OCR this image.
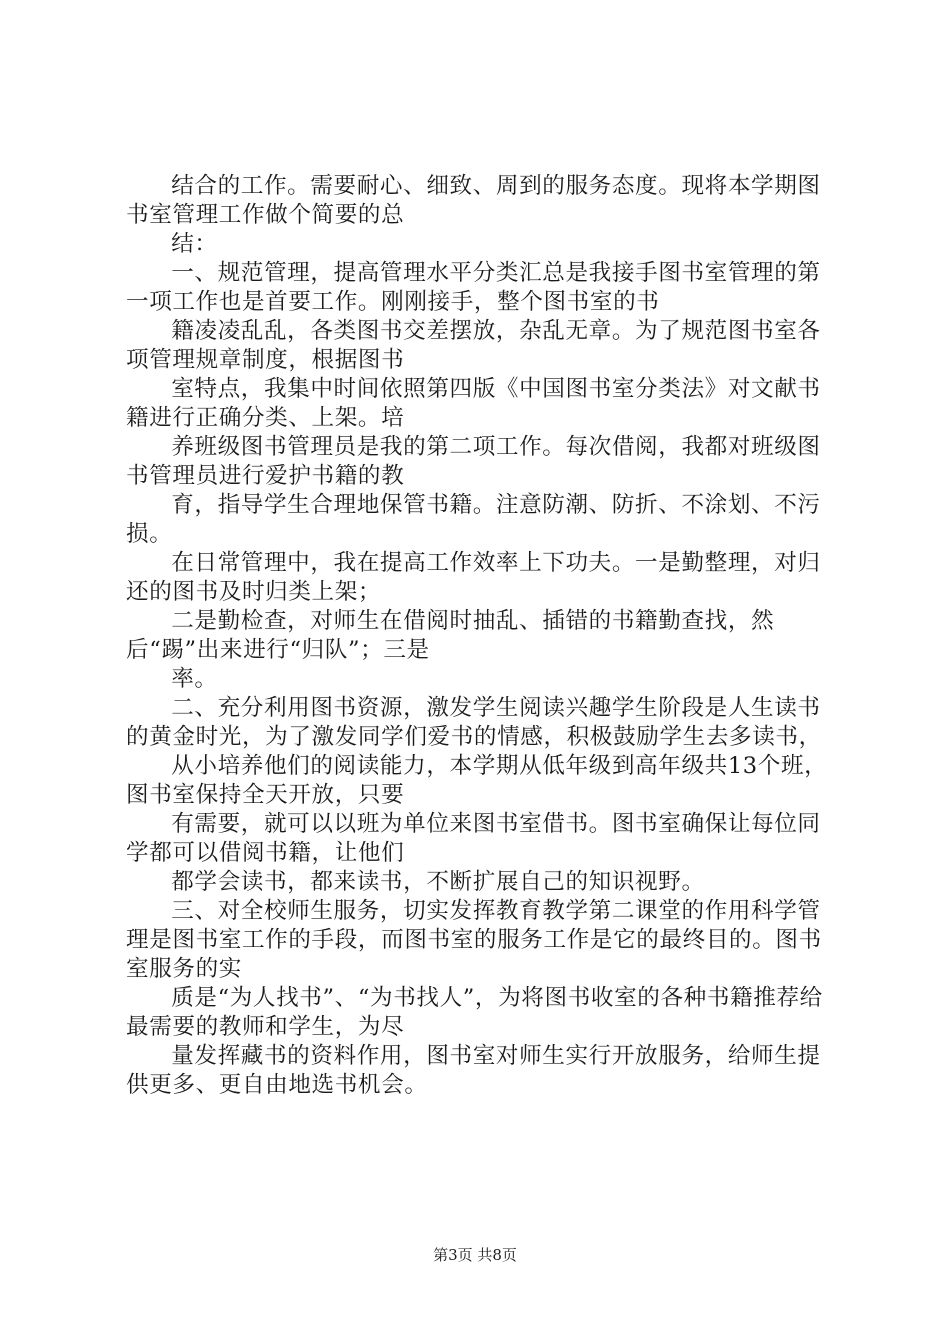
结合的工作。需要耐心、细致、周到的服务态度。现将本学期图书室管理工作做个简要的总

结：

一、规范管理，提高管理水平分类汇总是我接手图书室管理的第一项工作也是首要工作。刚刚接手，整个图书室的书

籍凌凌乱乱，各类图书交差摆放，杂乱无章。为了规范图书室各项管理规章制度，根据图书

室特点，我集中时间依照第四版《中国图书室分类法》对文献书籍进行正确分类、上架。培

养班级图书管理员是我的第二项工作。每次借阅，我都对班级图书管理员进行爱护书籍的教

育，指导学生合理地保管书籍。注意防潮、防折、不涂划、不污损。

在日常管理中，我在提高工作效率上下功夫。一是勤整理，对归还的图书及时归类上架；

二是勤检查，对师生在借阅时抽乱、插错的书籍勤查找，然后“踢”出来进行“归队”；三是

率。

二、充分利用图书资源，激发学生阅读兴趣学生阶段是人生读书的黄金时光，为了激发同学们爱书的情感，积极鼓励学生去多读书，

从小培养他们的阅读能力，本学期从低年级到高年级共13个班，图书室保持全天开放，只要

有需要，就可以以班为单位来图书室借书。图书室确保让每位同学都可以借阅书籍，让他们

都学会读书，都来读书，不断扩展自己的知识视野。

三、对全校师生服务，切实发挥教育教学第二课堂的作用科学管理是图书室工作的手段，而图书室的服务工作是它的最终目的。图书室服务的实

质是“为人找书”、“为书找人”，为将图书收室的各种书籍推荐给最需要的教师和学生，为尽

量发挥藏书的资料作用，图书室对师生实行开放服务，给师生提供更多、更自由地选书机会。

第3页 共8页
